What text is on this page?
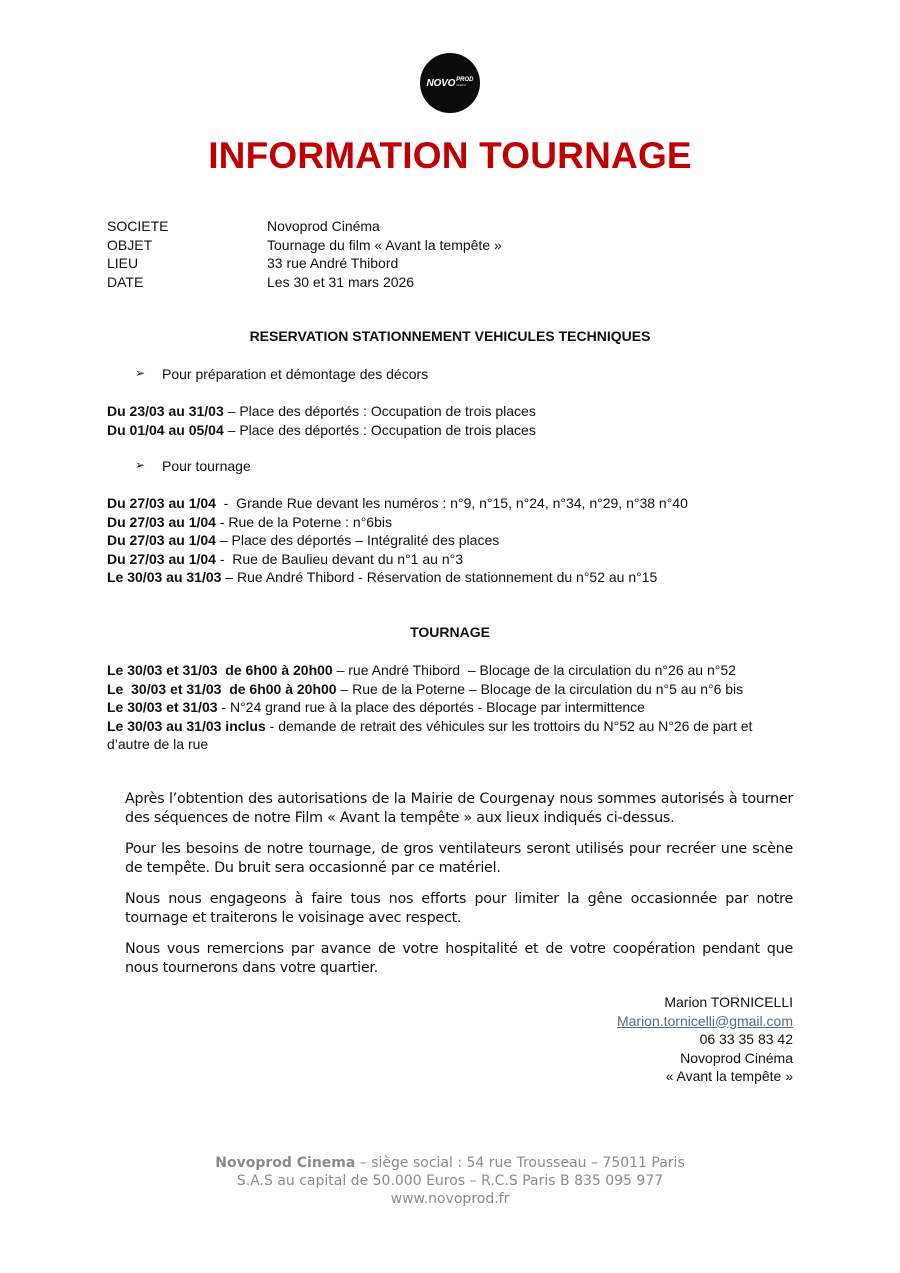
NOVO PROD
cinéma
INFORMATION TOURNAGE
SOCIETE	Novoprod Cinéma
OBJET	Tournage du film « Avant la tempête »
LIEU	33 rue André Thibord
DATE	Les 30 et 31 mars 2026
RESERVATION STATIONNEMENT VEHICULES TECHNIQUES
➢	Pour préparation et démontage des décors
Du 23/03 au 31/03 – Place des déportés : Occupation de trois places
Du 01/04 au 05/04 – Place des déportés : Occupation de trois places
➢	Pour tournage
Du 27/03 au 1/04  -  Grande Rue devant les numéros : n°9, n°15, n°24, n°34, n°29, n°38 n°40
Du 27/03 au 1/04 - Rue de la Poterne : n°6bis
Du 27/03 au 1/04 – Place des déportés – Intégralité des places
Du 27/03 au 1/04 -  Rue de Baulieu devant du n°1 au n°3
Le 30/03 au 31/03 – Rue André Thibord - Réservation de stationnement du n°52 au n°15
TOURNAGE
Le 30/03 et 31/03  de 6h00 à 20h00 – rue André Thibord  – Blocage de la circulation du n°26 au n°52
Le  30/03 et 31/03  de 6h00 à 20h00 – Rue de la Poterne – Blocage de la circulation du n°5 au n°6 bis
Le 30/03 et 31/03 - N°24 grand rue à la place des déportés - Blocage par intermittence
Le 30/03 au 31/03 inclus - demande de retrait des véhicules sur les trottoirs du N°52 au N°26 de part et d’autre de la rue
Après l’obtention des autorisations de la Mairie de Courgenay nous sommes autorisés à tourner des séquences de notre Film « Avant la tempête » aux lieux indiqués ci-dessus.
Pour les besoins de notre tournage, de gros ventilateurs seront utilisés pour recréer une scène de tempête. Du bruit sera occasionné par ce matériel.
Nous nous engageons à faire tous nos efforts pour limiter la gêne occasionnée par notre tournage et traiterons le voisinage avec respect.
Nous vous remercions par avance de votre hospitalité et de votre coopération pendant que nous tournerons dans votre quartier.
Marion TORNICELLI
Marion.tornicelli@gmail.com
06 33 35 83 42
Novoprod Cinéma
« Avant la tempête »
Novoprod Cinema – siège social : 54 rue Trousseau – 75011 Paris
S.A.S au capital de 50.000 Euros – R.C.S Paris B 835 095 977
www.novoprod.fr
